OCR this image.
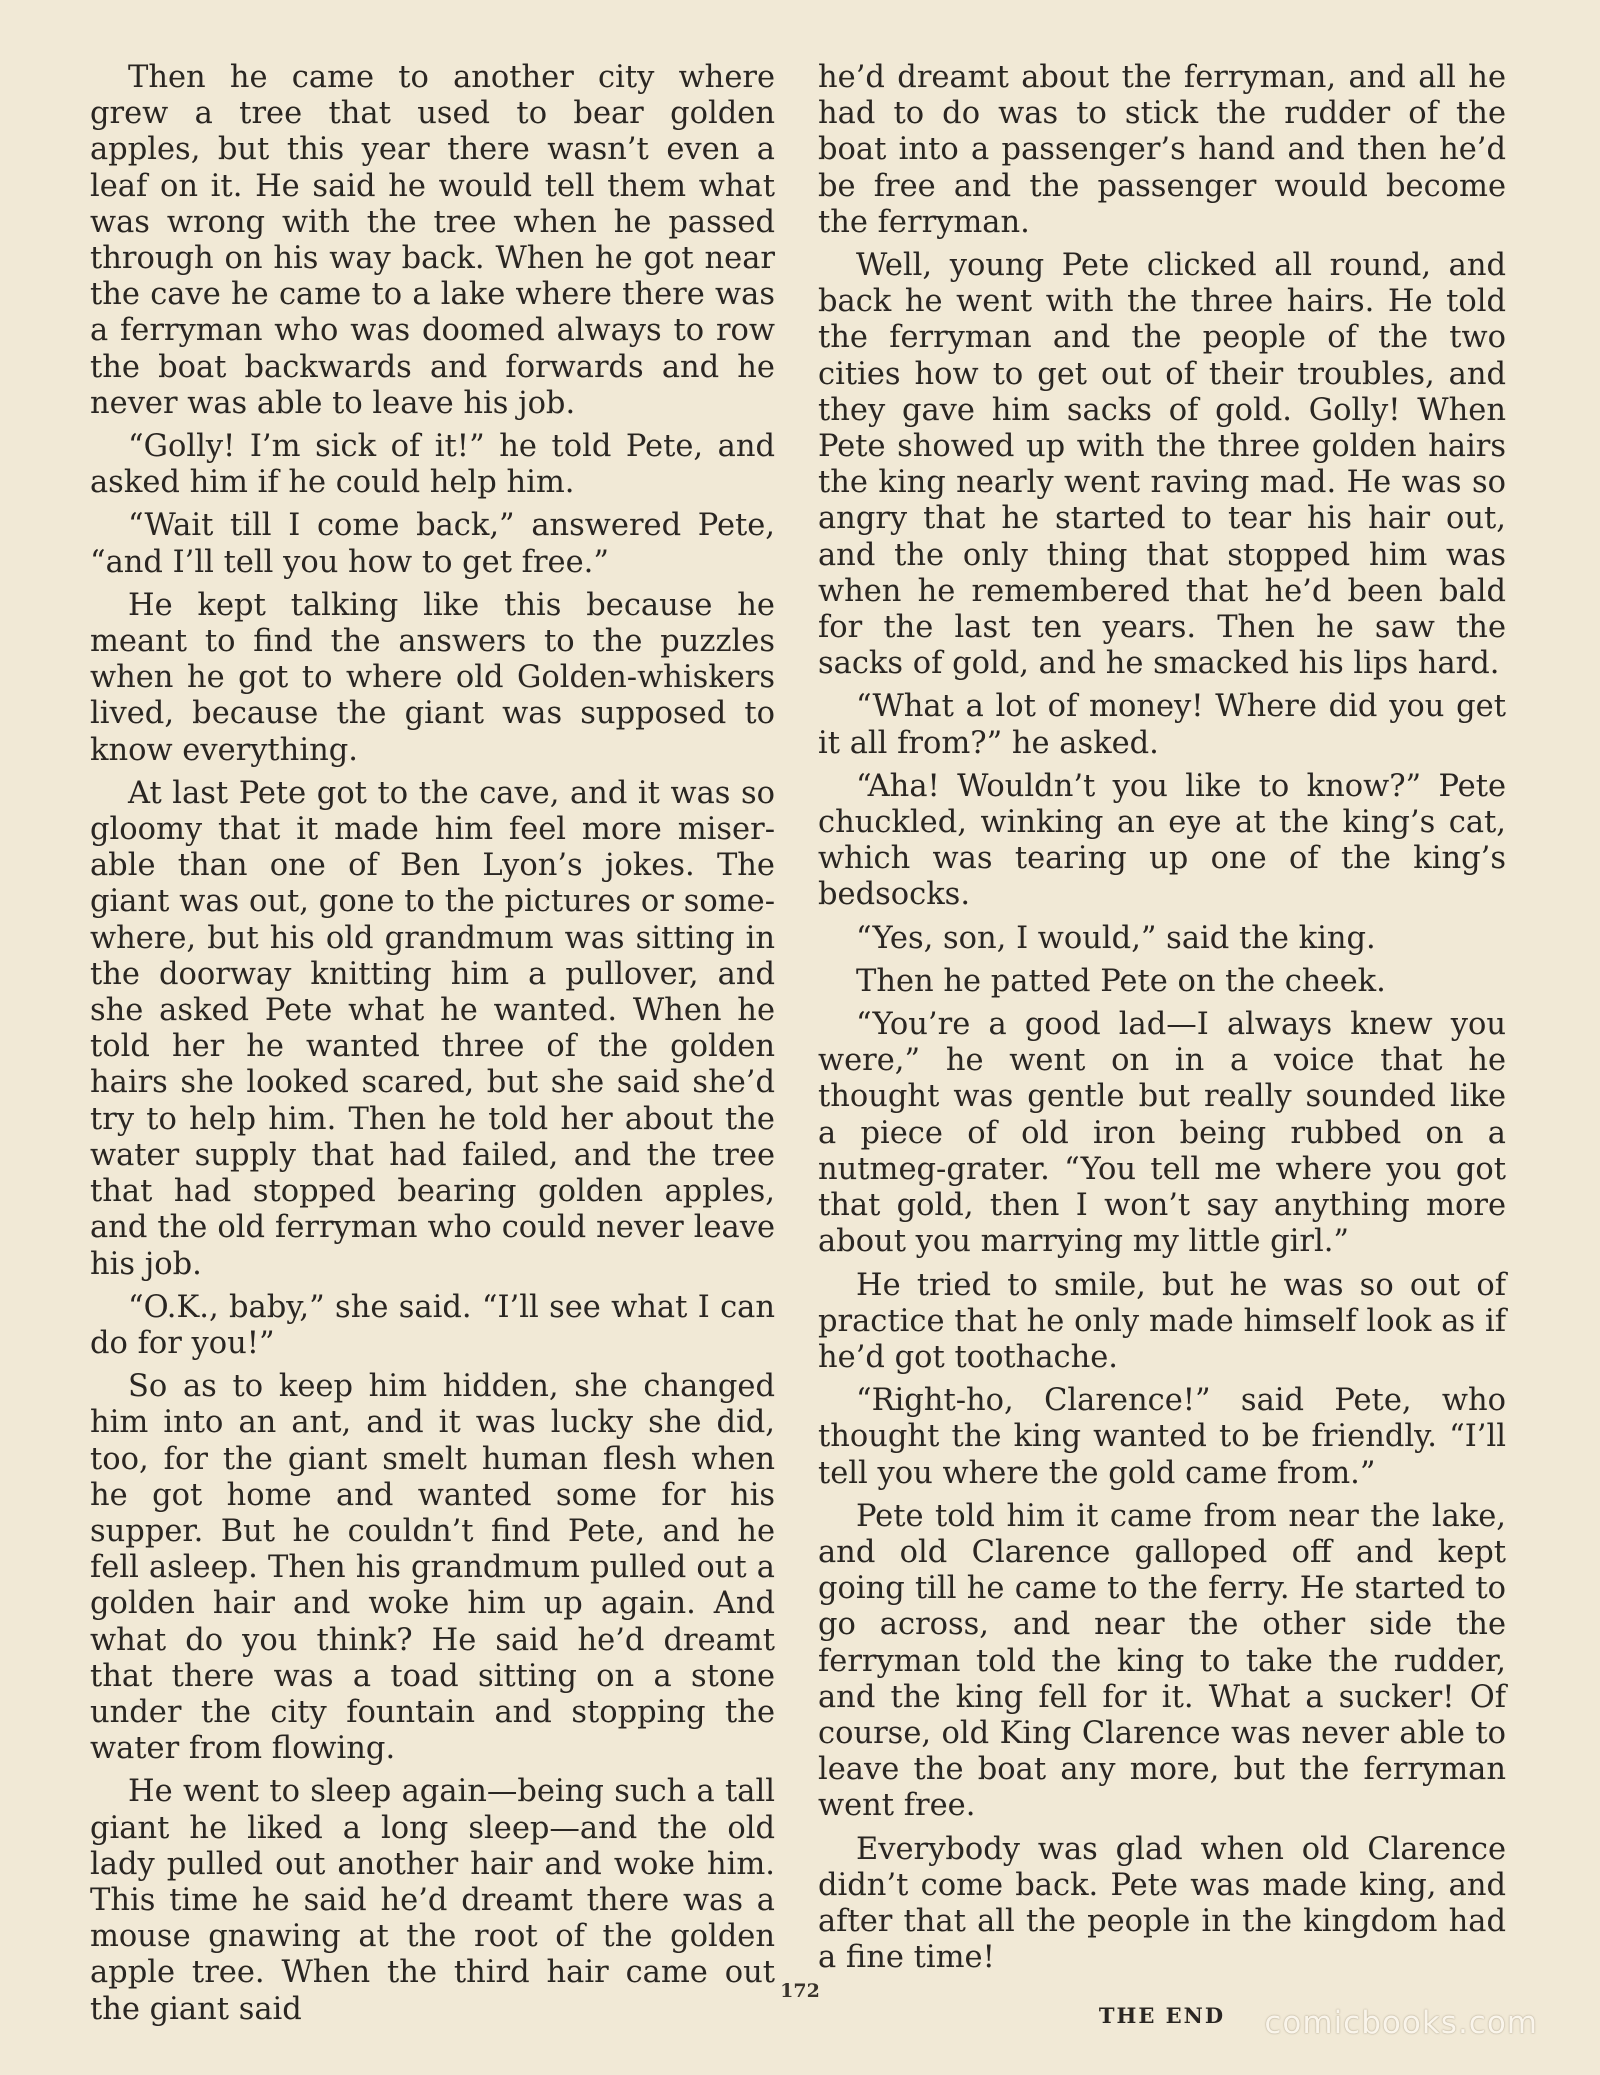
Then he came to another city where grew a tree that used to bear golden apples, but this year there wasn’t even a leaf on it. He said he would tell them what was wrong with the tree when he passed through on his way back. When he got near the cave he came to a lake where there was a ferryman who was doomed always to row the boat backwards and forwards and he never was able to leave his job.

“Golly! I’m sick of it!” he told Pete, and asked him if he could help him.

“Wait till I come back,” answered Pete, “and I’ll tell you how to get free.”

He kept talking like this because he meant to find the answers to the puzzles when he got to where old Golden-whiskers lived, because the giant was supposed to know everything.

At last Pete got to the cave, and it was so gloomy that it made him feel more miserable than one of Ben Lyon’s jokes. The giant was out, gone to the pictures or somewhere, but his old grandmum was sitting in the doorway knitting him a pullover, and she asked Pete what he wanted. When he told her he wanted three of the golden hairs she looked scared, but she said she’d try to help him. Then he told her about the water supply that had failed, and the tree that had stopped bearing golden apples, and the old ferryman who could never leave his job.

“O.K., baby,” she said. “I’ll see what I can do for you!”

So as to keep him hidden, she changed him into an ant, and it was lucky she did, too, for the giant smelt human flesh when he got home and wanted some for his supper. But he couldn’t find Pete, and he fell asleep. Then his grandmum pulled out a golden hair and woke him up again. And what do you think? He said he’d dreamt that there was a toad sitting on a stone under the city fountain and stopping the water from flowing.

He went to sleep again—being such a tall giant he liked a long sleep—and the old lady pulled out another hair and woke him. This time he said he’d dreamt there was a mouse gnawing at the root of the golden apple tree. When the third hair came out the giant said

he’d dreamt about the ferryman, and all he had to do was to stick the rudder of the boat into a passenger’s hand and then he’d be free and the passenger would become the ferryman.

Well, young Pete clicked all round, and back he went with the three hairs. He told the ferryman and the people of the two cities how to get out of their troubles, and they gave him sacks of gold. Golly! When Pete showed up with the three golden hairs the king nearly went raving mad. He was so angry that he started to tear his hair out, and the only thing that stopped him was when he remembered that he’d been bald for the last ten years. Then he saw the sacks of gold, and he smacked his lips hard.

“What a lot of money! Where did you get it all from?” he asked.

“Aha! Wouldn’t you like to know?” Pete chuckled, winking an eye at the king’s cat, which was tearing up one of the king’s bedsocks.

“Yes, son, I would,” said the king.

Then he patted Pete on the cheek.

“You’re a good lad—I always knew you were,” he went on in a voice that he thought was gentle but really sounded like a piece of old iron being rubbed on a nutmeg-grater. “You tell me where you got that gold, then I won’t say anything more about you marrying my little girl.”

He tried to smile, but he was so out of practice that he only made himself look as if he’d got toothache.

“Right-ho, Clarence!” said Pete, who thought the king wanted to be friendly. “I’ll tell you where the gold came from.”

Pete told him it came from near the lake, and old Clarence galloped off and kept going till he came to the ferry. He started to go across, and near the other side the ferryman told the king to take the rudder, and the king fell for it. What a sucker! Of course, old King Clarence was never able to leave the boat any more, but the ferryman went free.

Everybody was glad when old Clarence didn’t come back. Pete was made king, and after that all the people in the kingdom had a fine time!

THE END
172
comicbooks.com
